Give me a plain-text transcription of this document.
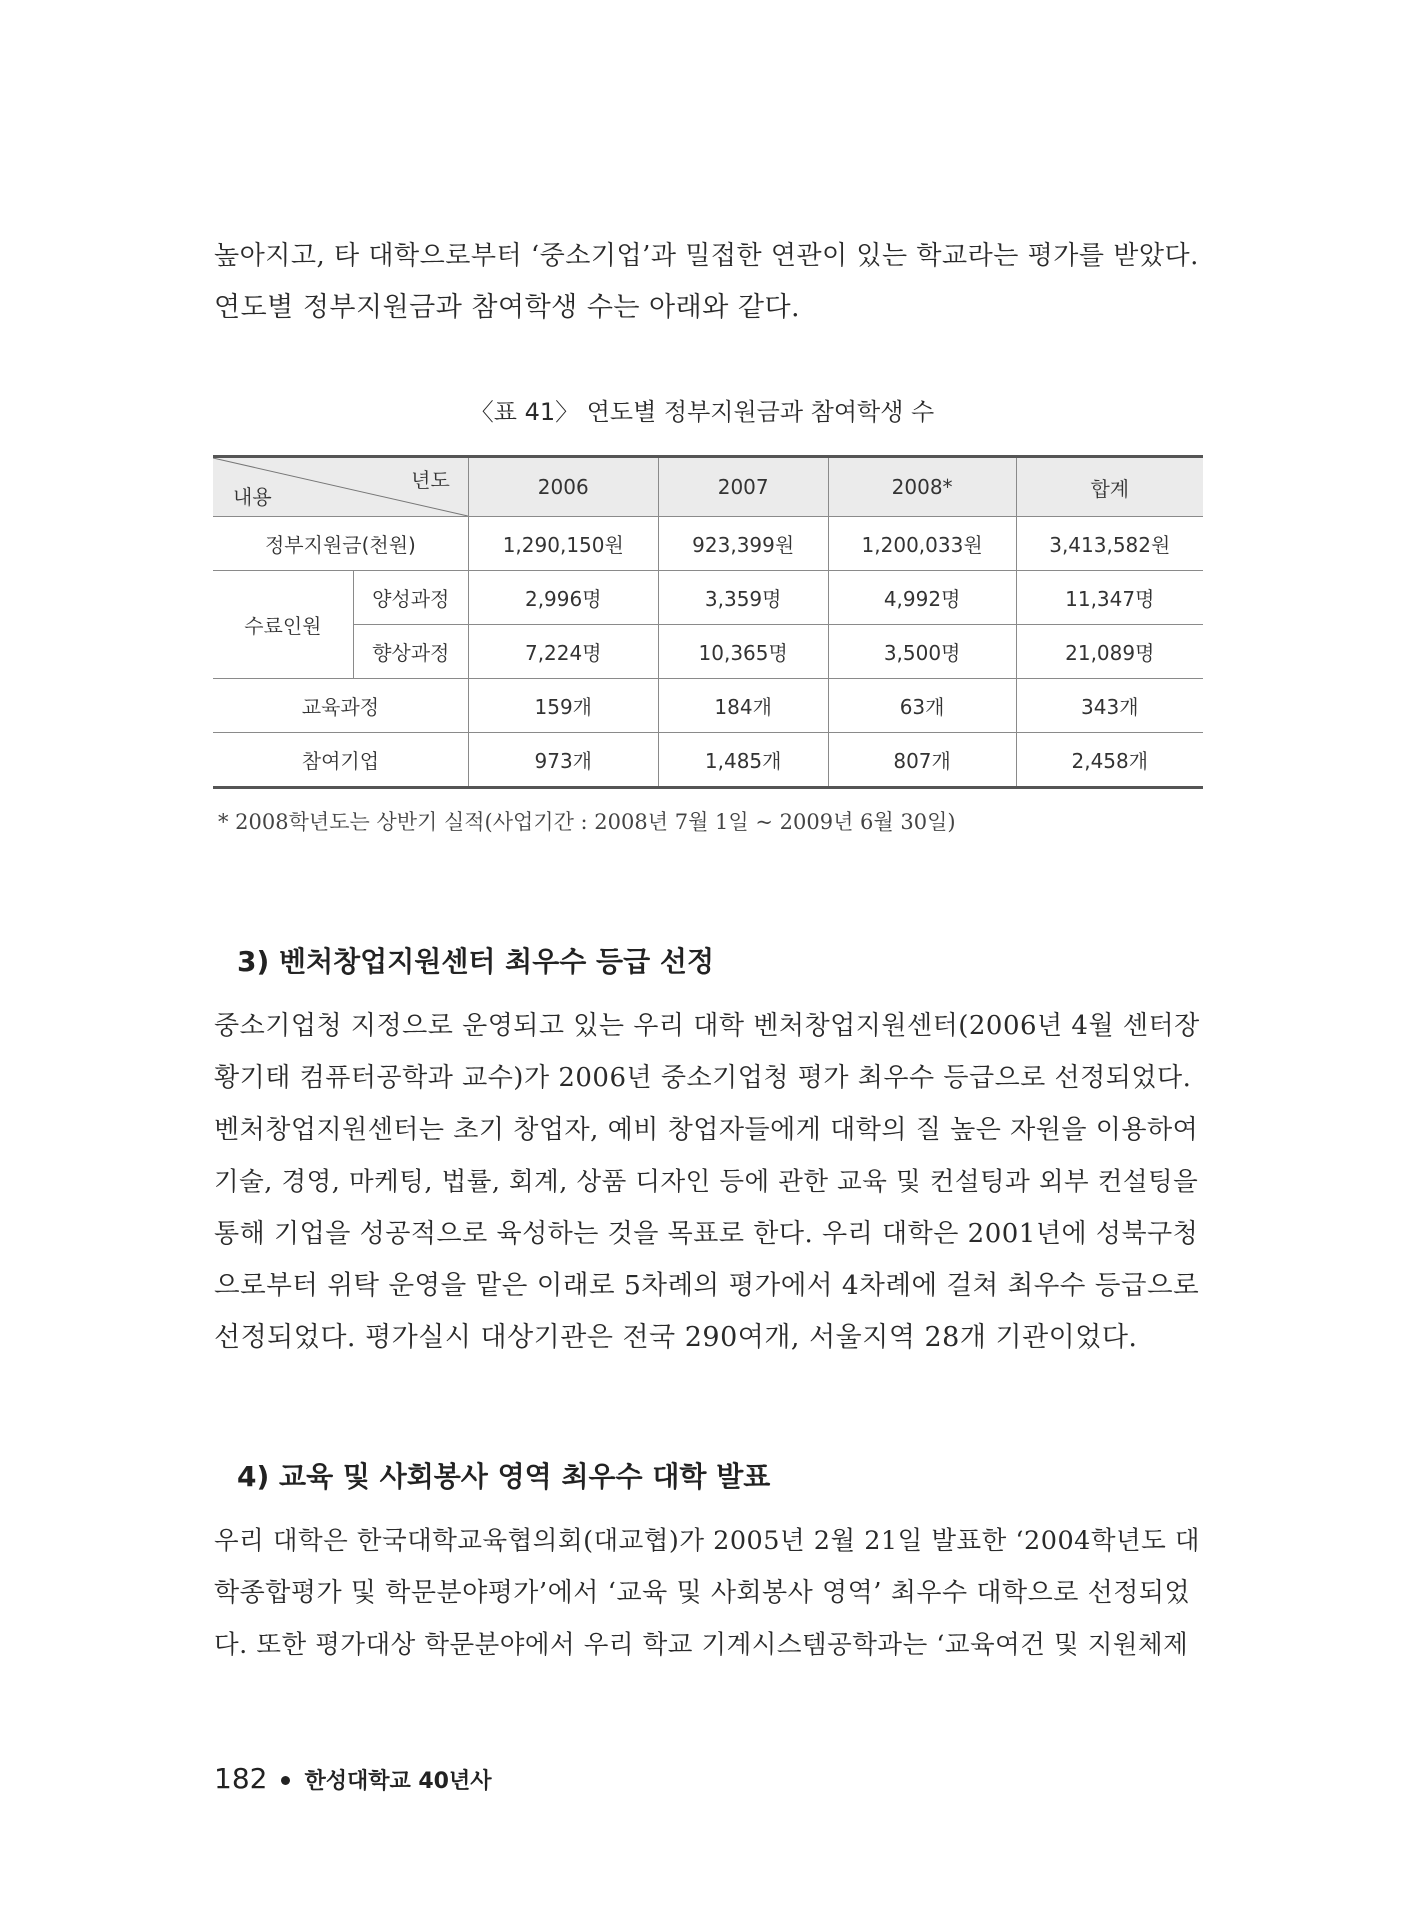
높아지고, 타 대학으로부터 ‘중소기업’과 밀접한 연관이 있는 학교라는 평가를 받았다.
연도별 정부지원금과 참여학생 수는 아래와 같다.
〈표 41〉 연도별 정부지원금과 참여학생 수
년도
내용		2006	2007	2008*	합계
정부지원금(천원)		1,290,150원	923,399원	1,200,033원	3,413,582원
수료인원	양성과정	2,996명	3,359명	4,992명	11,347명
	향상과정	7,224명	10,365명	3,500명	21,089명
교육과정		159개	184개	63개	343개
참여기업		973개	1,485개	807개	2,458개
* 2008학년도는 상반기 실적(사업기간 : 2008년 7월 1일 ~ 2009년 6월 30일)
3) 벤처창업지원센터 최우수 등급 선정
중소기업청 지정으로 운영되고 있는 우리 대학 벤처창업지원센터(2006년 4월 센터장
황기태 컴퓨터공학과 교수)가 2006년 중소기업청 평가 최우수 등급으로 선정되었다.
벤처창업지원센터는 초기 창업자, 예비 창업자들에게 대학의 질 높은 자원을 이용하여
기술, 경영, 마케팅, 법률, 회계, 상품 디자인 등에 관한 교육 및 컨설팅과 외부 컨설팅을
통해 기업을 성공적으로 육성하는 것을 목표로 한다. 우리 대학은 2001년에 성북구청
으로부터 위탁 운영을 맡은 이래로 5차례의 평가에서 4차례에 걸쳐 최우수 등급으로
선정되었다. 평가실시 대상기관은 전국 290여개, 서울지역 28개 기관이었다.
4) 교육 및 사회봉사 영역 최우수 대학 발표
우리 대학은 한국대학교육협의회(대교협)가 2005년 2월 21일 발표한 ‘2004학년도 대
학종합평가 및 학문분야평가’에서 ‘교육 및 사회봉사 영역’ 최우수 대학으로 선정되었
다. 또한 평가대상 학문분야에서 우리 학교 기계시스템공학과는 ‘교육여건 및 지원체제
182 한성대학교 40년사
